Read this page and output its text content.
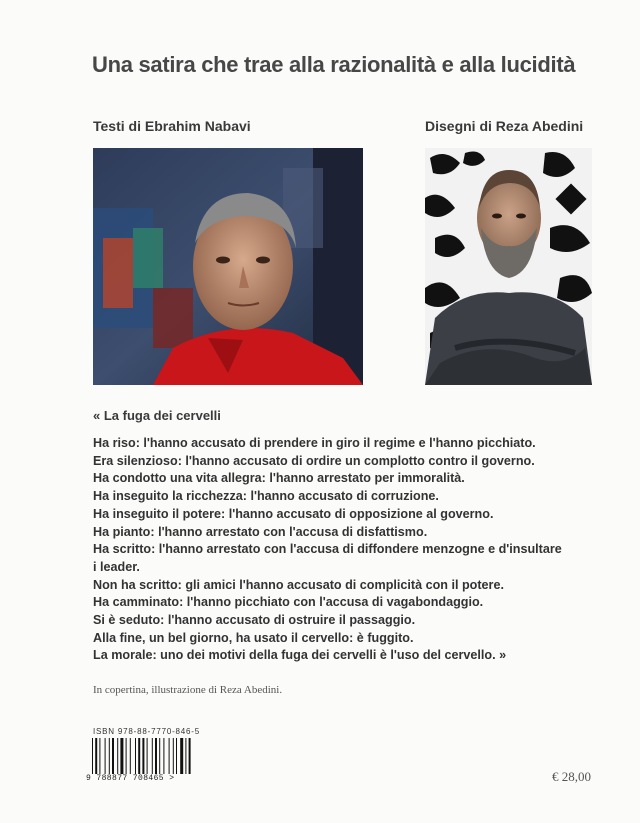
Una satira che trae alla razionalità e alla lucidità
Testi di Ebrahim Nabavi	Disegni di Reza Abedini
« La fuga dei cervelli
Ha riso: l'hanno accusato di prendere in giro il regime e l'hanno picchiato.
Era silenzioso: l'hanno accusato di ordire un complotto contro il governo.
Ha condotto una vita allegra: l'hanno arrestato per immoralità.
Ha inseguito la ricchezza: l'hanno accusato di corruzione.
Ha inseguito il potere: l'hanno accusato di opposizione al governo.
Ha pianto: l'hanno arrestato con l'accusa di disfattismo.
Ha scritto: l'hanno arrestato con l'accusa di diffondere menzogne e d'insultare
i leader.
Non ha scritto: gli amici l'hanno accusato di complicità con il potere.
Ha camminato: l'hanno picchiato con l'accusa di vagabondaggio.
Si è seduto: l'hanno accusato di ostruire il passaggio.
Alla fine, un bel giorno, ha usato il cervello: è fuggito.
La morale: uno dei motivi della fuga dei cervelli è l'uso del cervello. »
In copertina, illustrazione di Reza Abedini.
ISBN 978-88-7770-846-5
9 788877 708465 >	€ 28,00
